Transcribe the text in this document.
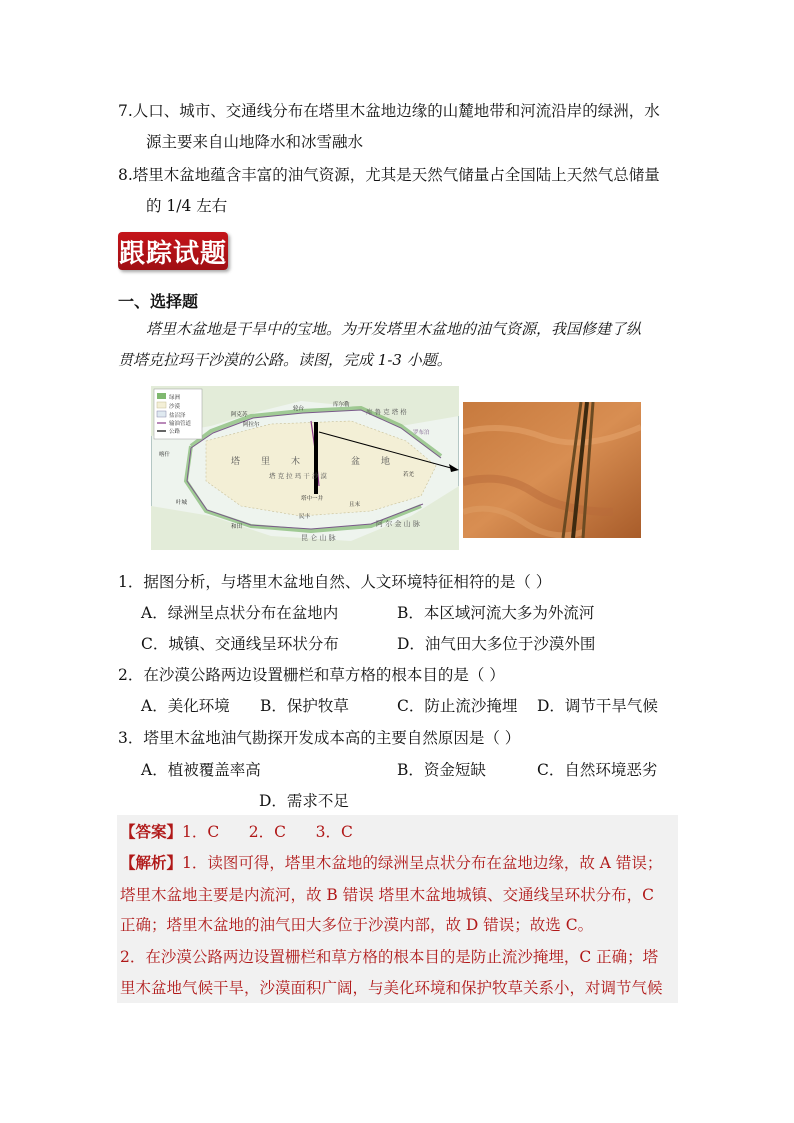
7.人口、城市、交通线分布在塔里木盆地边缘的山麓地带和河流沿岸的绿洲，水
源主要来自山地降水和冰雪融水
8.塔里木盆地蕴含丰富的油气资源，尤其是天然气储量占全国陆上天然气总储量
的 1/4 左右
跟踪试题
一、选择题
塔里木盆地是干旱中的宝地。为开发塔里木盆地的油气资源，我国修建了纵
贯塔克拉玛干沙漠的公路。读图，完成 1-3 小题。
绿洲
沙漠
盐沼泽
输油管道
公路
塔 里 木	盆 地
塔 克 拉 玛 干 沙 漠
昆 仑 山 脉
阿 尔 金 山 脉
库 鲁 克 塔 格
阿克苏
阿拉尔
轮台
库尔勒
喀什
叶城
和田
民丰
且末
塔中一井
若羌
罗布泊
1．据图分析，与塔里木盆地自然、人文环境特征相符的是（ ）
A．绿洲呈点状分布在盆地内	B．本区域河流大多为外流河
C．城镇、交通线呈环状分布	D．油气田大多位于沙漠外围
2．在沙漠公路两边设置栅栏和草方格的根本目的是（ ）
A．美化环境 B．保护牧草	C．防止流沙掩埋 D．调节干旱气候
3．塔里木盆地油气勘探开发成本高的主要自然原因是（ ）
A．植被覆盖率高	B．资金短缺	C．自然环境恶劣
D．需求不足
【答案】1．C      2．C      3．C
【解析】1．读图可得，塔里木盆地的绿洲呈点状分布在盆地边缘，故 A 错误；
塔里木盆地主要是内流河，故 B 错误 塔里木盆地城镇、交通线呈环状分布，C
正确；塔里木盆地的油气田大多位于沙漠内部，故 D 错误；故选 C。
2．在沙漠公路两边设置栅栏和草方格的根本目的是防止流沙掩埋，C 正确；塔
里木盆地气候干旱，沙漠面积广阔，与美化环境和保护牧草关系小，对调节气候
